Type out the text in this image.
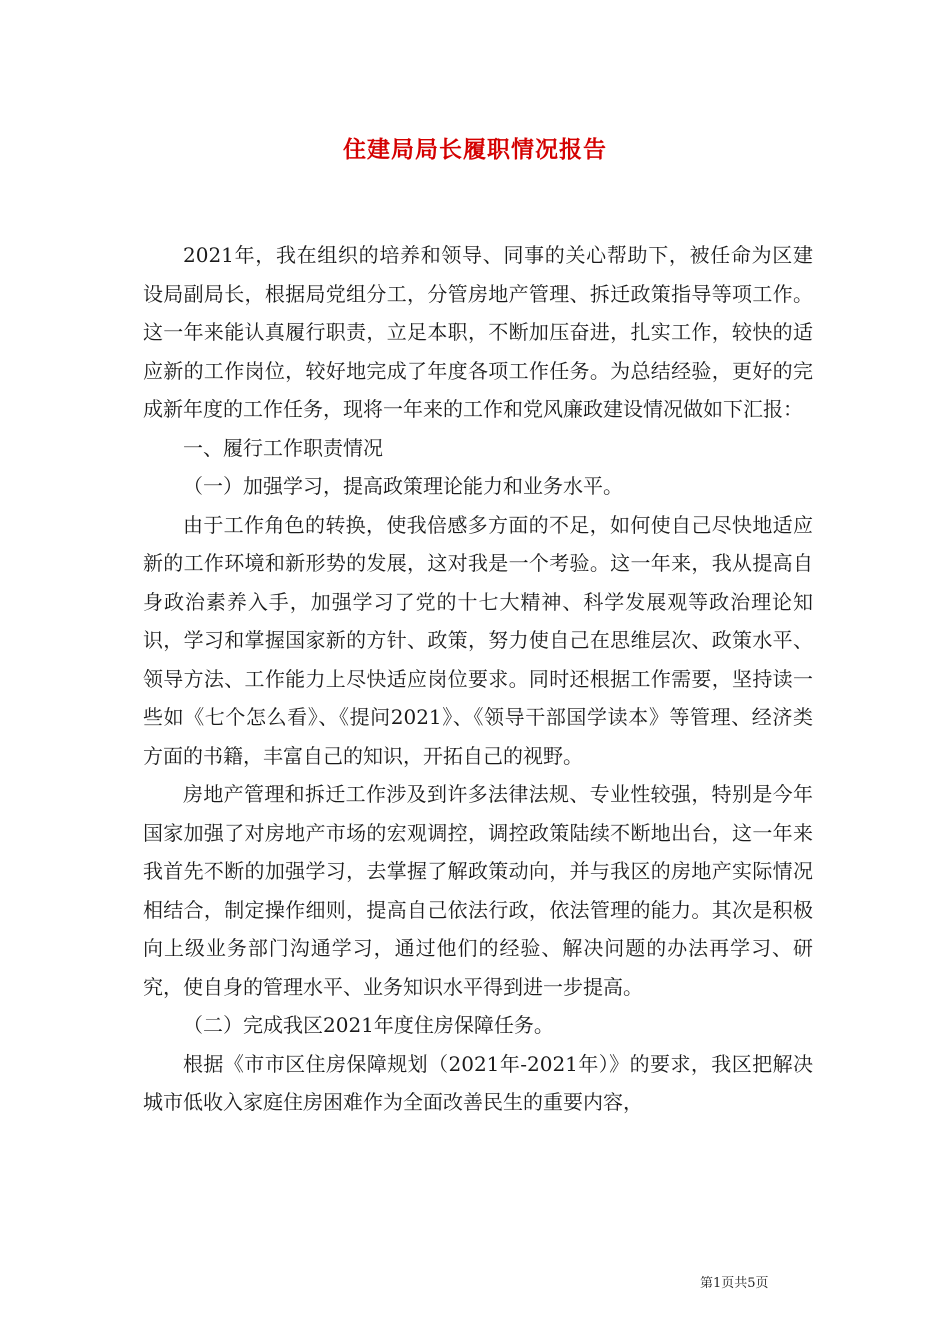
住建局局长履职情况报告

2021年，我在组织的培养和领导、同事的关心帮助下，被任命为区建设局副局长，根据局党组分工，分管房地产管理、拆迁政策指导等项工作。这一年来能认真履行职责，立足本职，不断加压奋进，扎实工作，较快的适应新的工作岗位，较好地完成了年度各项工作任务。为总结经验，更好的完成新年度的工作任务，现将一年来的工作和党风廉政建设情况做如下汇报：

一、履行工作职责情况

（一）加强学习，提高政策理论能力和业务水平。

由于工作角色的转换，使我倍感多方面的不足，如何使自己尽快地适应新的工作环境和新形势的发展，这对我是一个考验。这一年来，我从提高自身政治素养入手，加强学习了党的十七大精神、科学发展观等政治理论知识，学习和掌握国家新的方针、政策，努力使自己在思维层次、政策水平、领导方法、工作能力上尽快适应岗位要求。同时还根据工作需要，坚持读一些如《七个怎么看》、《提问2021》、《领导干部国学读本》等管理、经济类方面的书籍，丰富自己的知识，开拓自己的视野。

房地产管理和拆迁工作涉及到许多法律法规、专业性较强，特别是今年国家加强了对房地产市场的宏观调控，调控政策陆续不断地出台，这一年来我首先不断的加强学习，去掌握了解政策动向，并与我区的房地产实际情况相结合，制定操作细则，提高自己依法行政，依法管理的能力。其次是积极向上级业务部门沟通学习，通过他们的经验、解决问题的办法再学习、研究，使自身的管理水平、业务知识水平得到进一步提高。

（二）完成我区2021年度住房保障任务。

根据《市市区住房保障规划（2021年-2021年）》的要求，我区把解决城市低收入家庭住房困难作为全面改善民生的重要内容，

第1页共5页
